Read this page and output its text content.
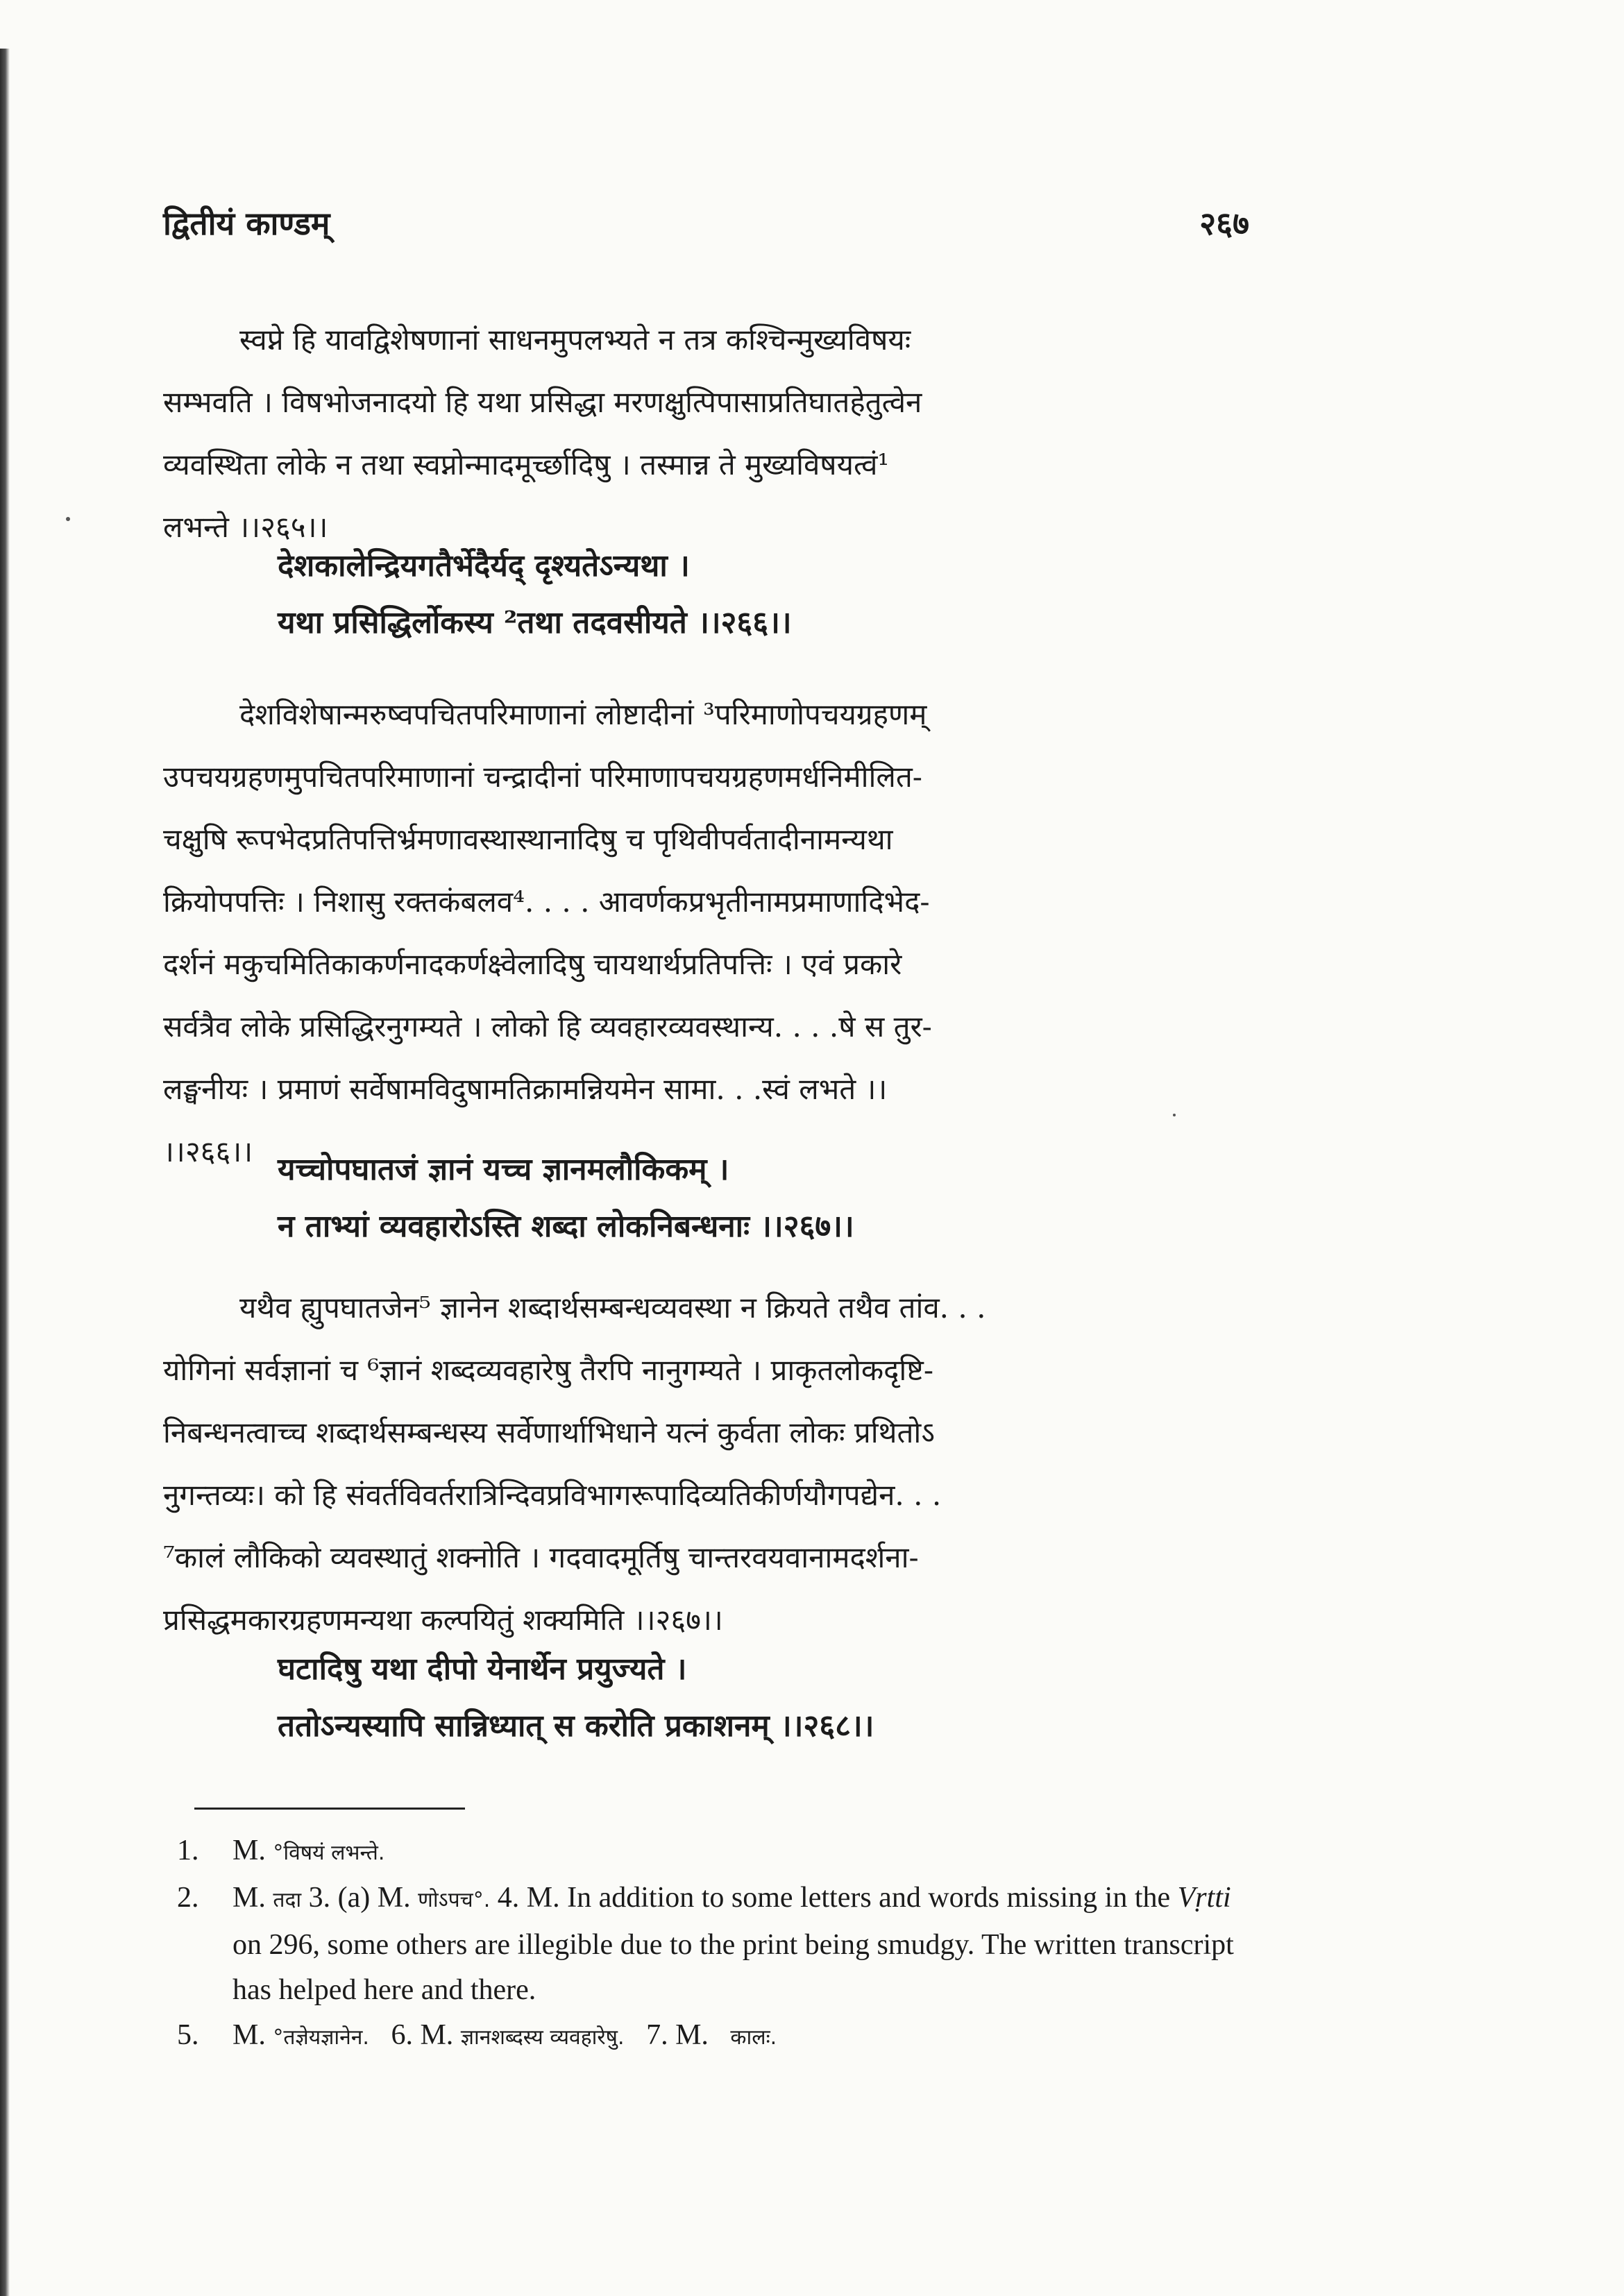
द्वितीयं काण्डम्	२६७
स्वप्ने हि यावद्विशेषणानां साधनमुपलभ्यते न तत्र कश्चिन्मुख्यविषयः
सम्भवति । विषभोजनादयो हि यथा प्रसिद्धा मरणक्षुत्पिपासाप्रतिघातहेतुत्वेन
व्यवस्थिता लोके न तथा स्वप्नोन्मादमूर्च्छादिषु । तस्मान्न ते मुख्यविषयत्वं¹
लभन्ते ।।२६५।।
देशकालेन्द्रियगतैर्भेदैर्यद् दृश्यतेऽन्यथा ।
यथा प्रसिद्धिर्लोकस्य ²तथा तदवसीयते ।।२६६।।
देशविशेषान्मरुष्वपचितपरिमाणानां लोष्टादीनां ³परिमाणोपचयग्रहणम्
उपचयग्रहणमुपचितपरिमाणानां चन्द्रादीनां परिमाणापचयग्रहणमर्धनिमीलित-
चक्षुषि रूपभेदप्रतिपत्तिर्भ्रमणावस्थास्थानादिषु च पृथिवीपर्वतादीनामन्यथा
क्रियोपपत्तिः । निशासु रक्तकंबलव⁴. . . . आवर्णकप्रभृतीनामप्रमाणादिभेद-
दर्शनं मकुचमितिकाकर्णनादकर्णक्ष्वेलादिषु चायथार्थप्रतिपत्तिः । एवं प्रकारे
सर्वत्रैव लोके प्रसिद्धिरनुगम्यते । लोको हि व्यवहारव्यवस्थान्य. . . .षे स तुर-
लङ्घनीयः । प्रमाणं सर्वेषामविदुषामतिक्रामन्नियमेन सामा. . .स्वं लभते ।।
।।२६६।।
यच्चोपघातजं ज्ञानं यच्च ज्ञानमलौकिकम् ।
न ताभ्यां व्यवहारोऽस्ति शब्दा लोकनिबन्धनाः ।।२६७।।
यथैव ह्युपघातजेन⁵ ज्ञानेन शब्दार्थसम्बन्धव्यवस्था न क्रियते तथैव तांव. . .
योगिनां सर्वज्ञानां च ⁶ज्ञानं शब्दव्यवहारेषु तैरपि नानुगम्यते । प्राकृतलोकदृष्टि-
निबन्धनत्वाच्च शब्दार्थसम्बन्धस्य सर्वेणार्थाभिधाने यत्नं कुर्वता लोकः प्रथितोऽ
नुगन्तव्यः। को हि संवर्तविवर्तरात्रिन्दिवप्रविभागरूपादिव्यतिकीर्णयौगपद्येन. . .
⁷कालं लौकिको व्यवस्थातुं शक्नोति । गदवादमूर्तिषु चान्तरवयवानामदर्शना-
प्रसिद्धमकारग्रहणमन्यथा कल्पयितुं शक्यमिति ।।२६७।।
घटादिषु यथा दीपो येनार्थेन प्रयुज्यते ।
ततोऽन्यस्यापि सान्निध्यात् स करोति प्रकाशनम् ।।२६८।।
1.	M. °विषयं लभन्ते.
2.	M. तदा 3. (a) M. णोऽपच°. 4. M. In addition to some letters and words missing in the Vṛtti on 296, some others are illegible due to the print being smudgy. The written transcript has helped here and there.
5.	M. °तज्ञेयज्ञानेन. 6. M. ज्ञानशब्दस्य व्यवहारेषु. 7. M. कालः.
